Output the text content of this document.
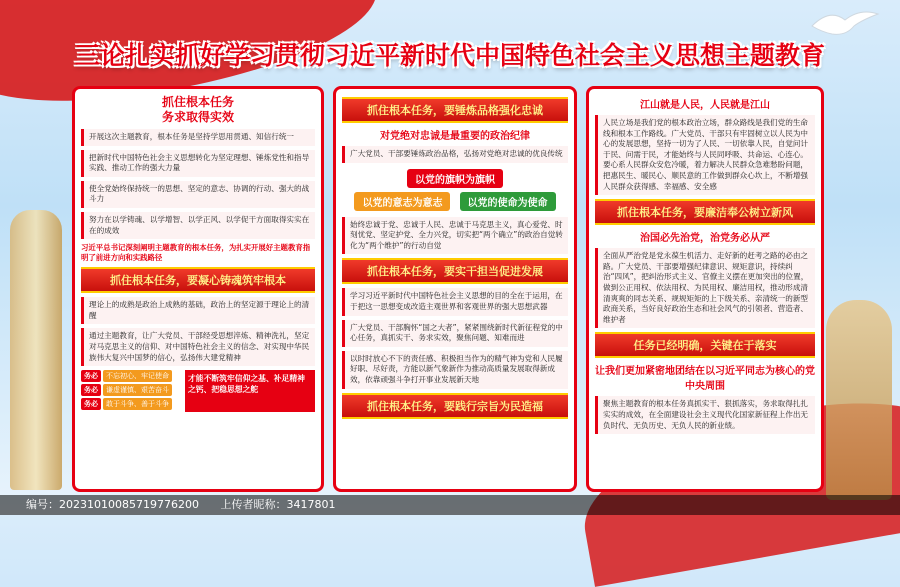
三论扎实抓好学习贯彻习近平新时代中国特色社会主义思想主题教育
抓住根本任务
务求取得实效
开展这次主题教育，根本任务是坚持学思用贯通、知信行统一
把新时代中国特色社会主义思想转化为坚定理想、锤炼党性和指导实践、推动工作的强大力量
使全党始终保持统一的思想、坚定的意志、协调的行动、强大的战斗力
努力在以学铸魂、以学增智、以学正风、以学促干方面取得实实在在的成效
习近平总书记深刻阐明主题教育的根本任务，为扎实开展好主题教育指明了前进方向和实践路径
抓住根本任务，要凝心铸魂筑牢根本
理论上的成熟是政治上成熟的基础，政治上的坚定源于理论上的清醒
通过主题教育，让广大党员、干部经受思想淬炼、精神洗礼，坚定对马克思主义的信仰、对中国特色社会主义的信念、对实现中华民族伟大复兴中国梦的信心，弘扬伟大建党精神
务必	不忘初心、牢记使命
务必	谦虚谨慎、艰苦奋斗
务必	敢于斗争、善于斗争
才能不断筑牢信仰之基、补足精神之钙、把稳思想之舵
抓住根本任务，要锤炼品格强化忠诚
对党绝对忠诚是最重要的政治纪律
广大党员、干部要锤炼政治品格，弘扬对党绝对忠诚的优良传统
以党的旗帜为旗帜
以党的意志为意志	以党的使命为使命
始终忠诚于党、忠诚于人民、忠诚于马克思主义，真心爱党、时刻忧党、坚定护党、全力兴党，切实把“两个确立”的政治自觉转化为“两个维护”的行动自觉
抓住根本任务，要实干担当促进发展
学习习近平新时代中国特色社会主义思想的目的全在于运用，在于把这一思想变成改造主观世界和客观世界的强大思想武器
广大党员、干部胸怀“国之大者”，紧紧围绕新时代新征程党的中心任务，真抓实干、务求实效，聚焦问题、知难而进
以时时放心不下的责任感、积极担当作为的精气神为党和人民履好职、尽好责，方能以新气象新作为推动高质量发展取得新成效，依靠顽强斗争打开事业发展新天地
抓住根本任务，要践行宗旨为民造福
江山就是人民，人民就是江山
人民立场是我们党的根本政治立场，群众路线是我们党的生命线和根本工作路线。广大党员、干部只有牢固树立以人民为中心的发展思想，坚持一切为了人民、一切依靠人民，自觉问计于民、问需于民，才能始终与人民同呼吸、共命运、心连心。要心系人民群众安危冷暖，着力解决人民群众急难愁盼问题，把惠民生、暖民心、顺民意的工作做到群众心坎上，不断增强人民群众获得感、幸福感、安全感
抓住根本任务，要廉洁奉公树立新风
治国必先治党，治党务必从严
全面从严治党是党永葆生机活力、走好新的赶考之路的必由之路。广大党员、干部要增强纪律意识、规矩意识，持续纠治“四风”，把纠治形式主义、官僚主义摆在更加突出的位置，做到公正用权、依法用权、为民用权、廉洁用权，推动形成清清爽爽的同志关系、规规矩矩的上下级关系、亲清统一的新型政商关系，当好良好政治生态和社会风气的引领者、营造者、维护者
任务已经明确，关键在于落实
让我们更加紧密地团结在以习近平同志为核心的党中央周围
聚焦主题教育的根本任务真抓实干、狠抓落实，务求取得扎扎实实的成效，在全面建设社会主义现代化国家新征程上作出无负时代、无负历史、无负人民的新业绩。
编号：2023101008571977​6200 上传者昵称：3417801
